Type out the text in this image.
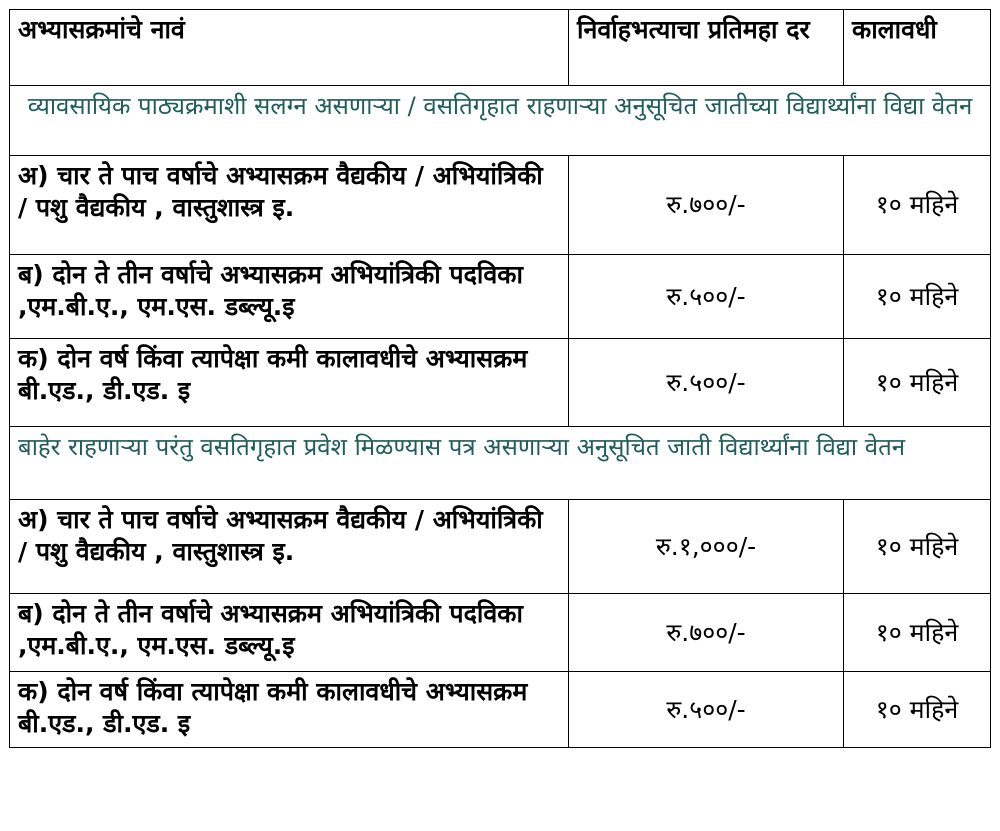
अभ्यासक्रमांचे नावं	निर्वाहभत्याचा प्रतिमहा दर	कालावधी
व्यावसायिक पाठ्यक्रमाशी सलग्न असणाऱ्या / वसतिगृहात राहणाऱ्या अनुसूचित जातीच्या विद्यार्थ्यांना विद्या वेतन		
अ) चार ते पाच वर्षाचे अभ्यासक्रम वैद्यकीय / अभियांत्रिकी / पशु वैद्यकीय , वास्तुशास्त्र इ.	रु.७००/-	१० महिने
ब) दोन ते तीन वर्षाचे अभ्यासक्रम अभियांत्रिकी पदविका ,एम.बी.ए., एम.एस. डब्ल्यू.इ	रु.५००/-	१० महिने
क) दोन वर्ष किंवा त्यापेक्षा कमी कालावधीचे अभ्यासक्रम बी.एड., डी.एड. इ	रु.५००/-	१० महिने
बाहेर राहणाऱ्या परंतु वसतिगृहात प्रवेश मिळण्यास पत्र असणाऱ्या अनुसूचित जाती विद्यार्थ्यांना विद्या वेतन		
अ) चार ते पाच वर्षाचे अभ्यासक्रम वैद्यकीय / अभियांत्रिकी / पशु वैद्यकीय , वास्तुशास्त्र इ.	रु.१,०००/-	१० महिने
ब) दोन ते तीन वर्षाचे अभ्यासक्रम अभियांत्रिकी पदविका ,एम.बी.ए., एम.एस. डब्ल्यू.इ	रु.७००/-	१० महिने
क) दोन वर्ष किंवा त्यापेक्षा कमी कालावधीचे अभ्यासक्रम बी.एड., डी.एड. इ	रु.५००/-	१० महिने
